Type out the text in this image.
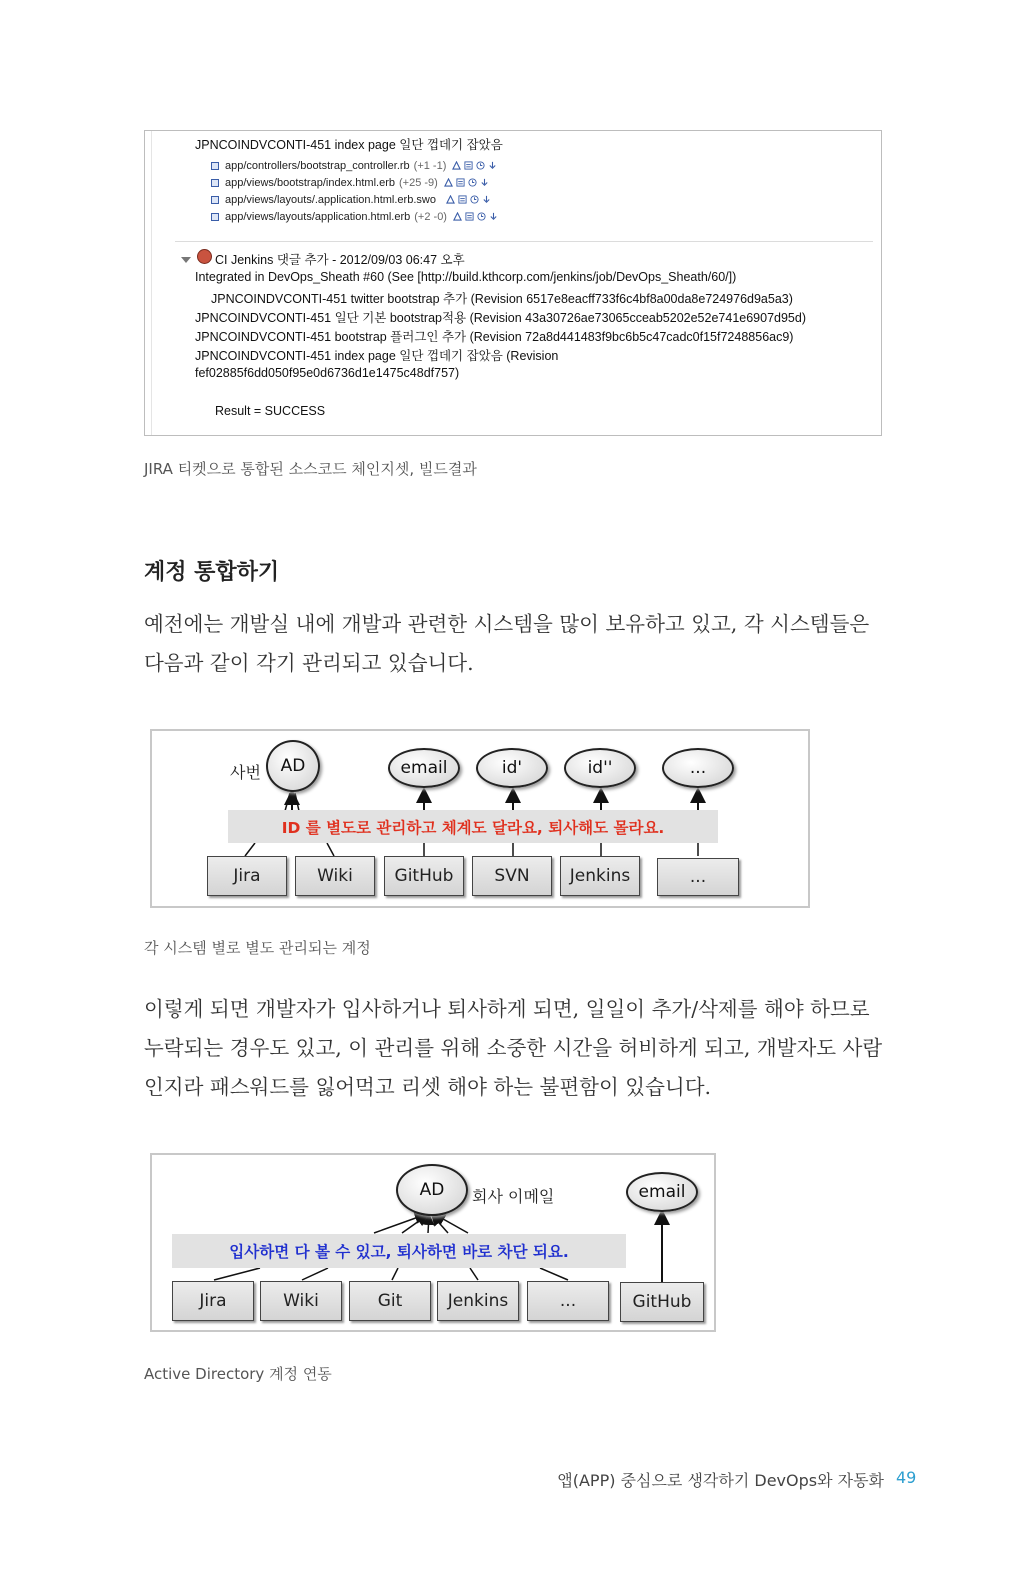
JPNCOINDVCONTI-451 index page 일단 껍데기 잡았음
app/controllers/bootstrap_controller.rb (+1 -1)
app/views/bootstrap/index.html.erb (+25 -9)
app/views/layouts/.application.html.erb.swo
app/views/layouts/application.html.erb (+2 -0)
CI Jenkins 댓글 추가 - 2012/09/03 06:47 오후
Integrated in DevOps_Sheath #60 (See [http://build.kthcorp.com/jenkins/job/DevOps_Sheath/60/])
JPNCOINDVCONTI-451 twitter bootstrap 추가 (Revision 6517e8eacff733f6c4bf8a00da8e724976d9a5a3)
JPNCOINDVCONTI-451 일단 기본 bootstrap적용 (Revision 43a30726ae73065cceab5202e52e741e6907d95d)
JPNCOINDVCONTI-451 bootstrap 플러그인 추가 (Revision 72a8d441483f9bc6b5c47cadc0f15f7248856ac9)
JPNCOINDVCONTI-451 index page 일단 껍데기 잡았음 (Revision
fef02885f6dd050f95e0d6736d1e1475c48df757)
Result = SUCCESS
JIRA 티켓으로 통합된 소스코드 체인지셋, 빌드결과
계정 통합하기
예전에는 개발실 내에 개발과 관련한 시스템을 많이 보유하고 있고, 각 시스템들은 다음과 같이 각기 관리되고 있습니다.
사번	AD	email	id'	id''	...
ID 를 별도로 관리하고 체계도 달라요, 퇴사해도 몰라요.
Jira	Wiki	GitHub	SVN	Jenkins	...
각 시스템 별로 별도 관리되는 계정
이렇게 되면 개발자가 입사하거나 퇴사하게 되면, 일일이 추가/삭제를 해야 하므로 누락되는 경우도 있고, 이 관리를 위해 소중한 시간을 허비하게 되고, 개발자도 사람인지라 패스워드를 잃어먹고 리셋 해야 하는 불편함이 있습니다.
AD	회사 이메일	email
입사하면 다 볼 수 있고, 퇴사하면 바로 차단 되요.
Jira	Wiki	Git	Jenkins	...	GitHub
Active Directory 계정 연동
앱(APP) 중심으로 생각하기 DevOps와 자동화 49
